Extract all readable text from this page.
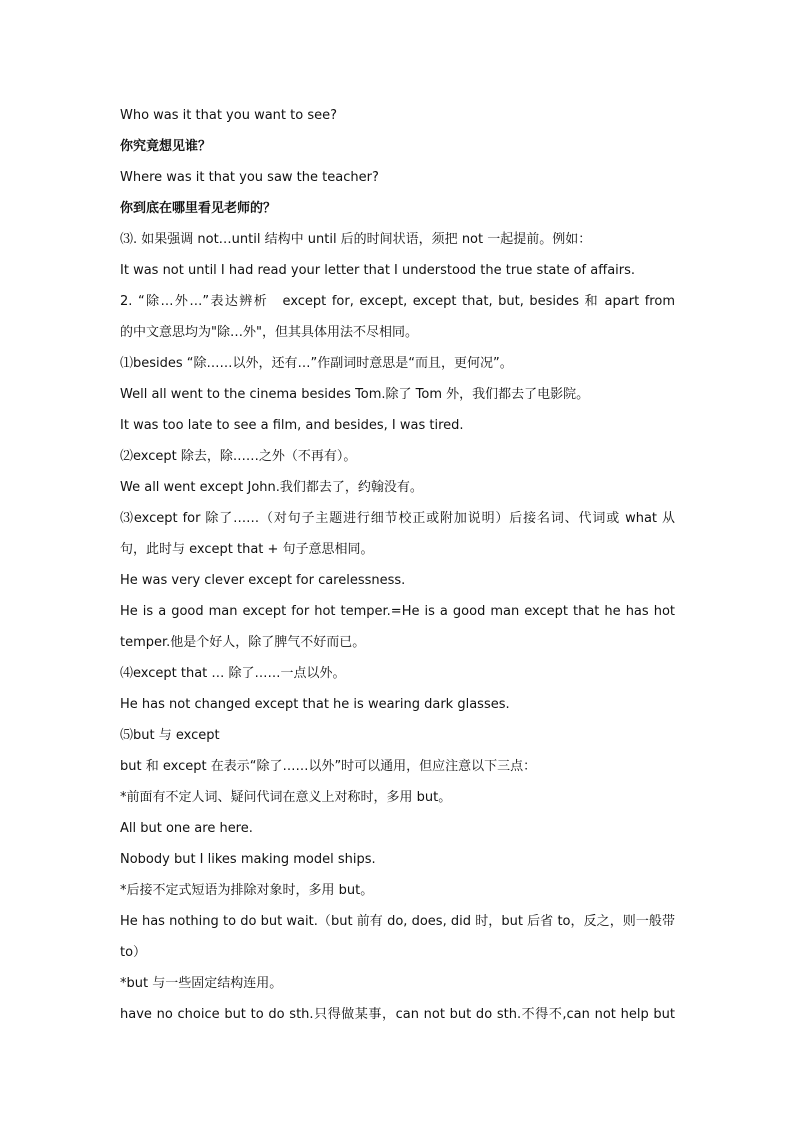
Who was it that you want to see?
你究竟想见谁？
Where was it that you saw the teacher?
你到底在哪里看见老师的？
⑶. 如果强调 not…until 结构中 until 后的时间状语，须把 not 一起提前。例如：
It was not until I had read your letter that I understood the true state of affairs.
2. “除…外…”表达辨析　except for, except, except that, but, besides 和 apart from
的中文意思均为"除…外"，但其具体用法不尽相同。
⑴besides “除……以外，还有…”作副词时意思是“而且，更何况”。
Well all went to the cinema besides Tom.除了 Tom 外，我们都去了电影院。
It was too late to see a film, and besides, I was tired.
⑵except 除去，除……之外（不再有）。
We all went except John.我们都去了，约翰没有。
⑶except for 除了……（对句子主题进行细节校正或附加说明）后接名词、代词或 what 从
句，此时与 except that + 句子意思相同。
He was very clever except for carelessness.
He is a good man except for hot temper.=He is a good man except that he has hot
temper.他是个好人，除了脾气不好而已。
⑷except that … 除了……一点以外。
He has not changed except that he is wearing dark glasses.
⑸but 与 except
but 和 except 在表示“除了……以外”时可以通用，但应注意以下三点：
*前面有不定人词、疑问代词在意义上对称时，多用 but。
All but one are here.
Nobody but I likes making model ships.
*后接不定式短语为排除对象时，多用 but。
He has nothing to do but wait.（but 前有 do, does, did 时，but 后省 to，反之，则一般带
to）
*but 与一些固定结构连用。
have no choice but to do sth.只得做某事，can not but do sth.不得不,can not help but
